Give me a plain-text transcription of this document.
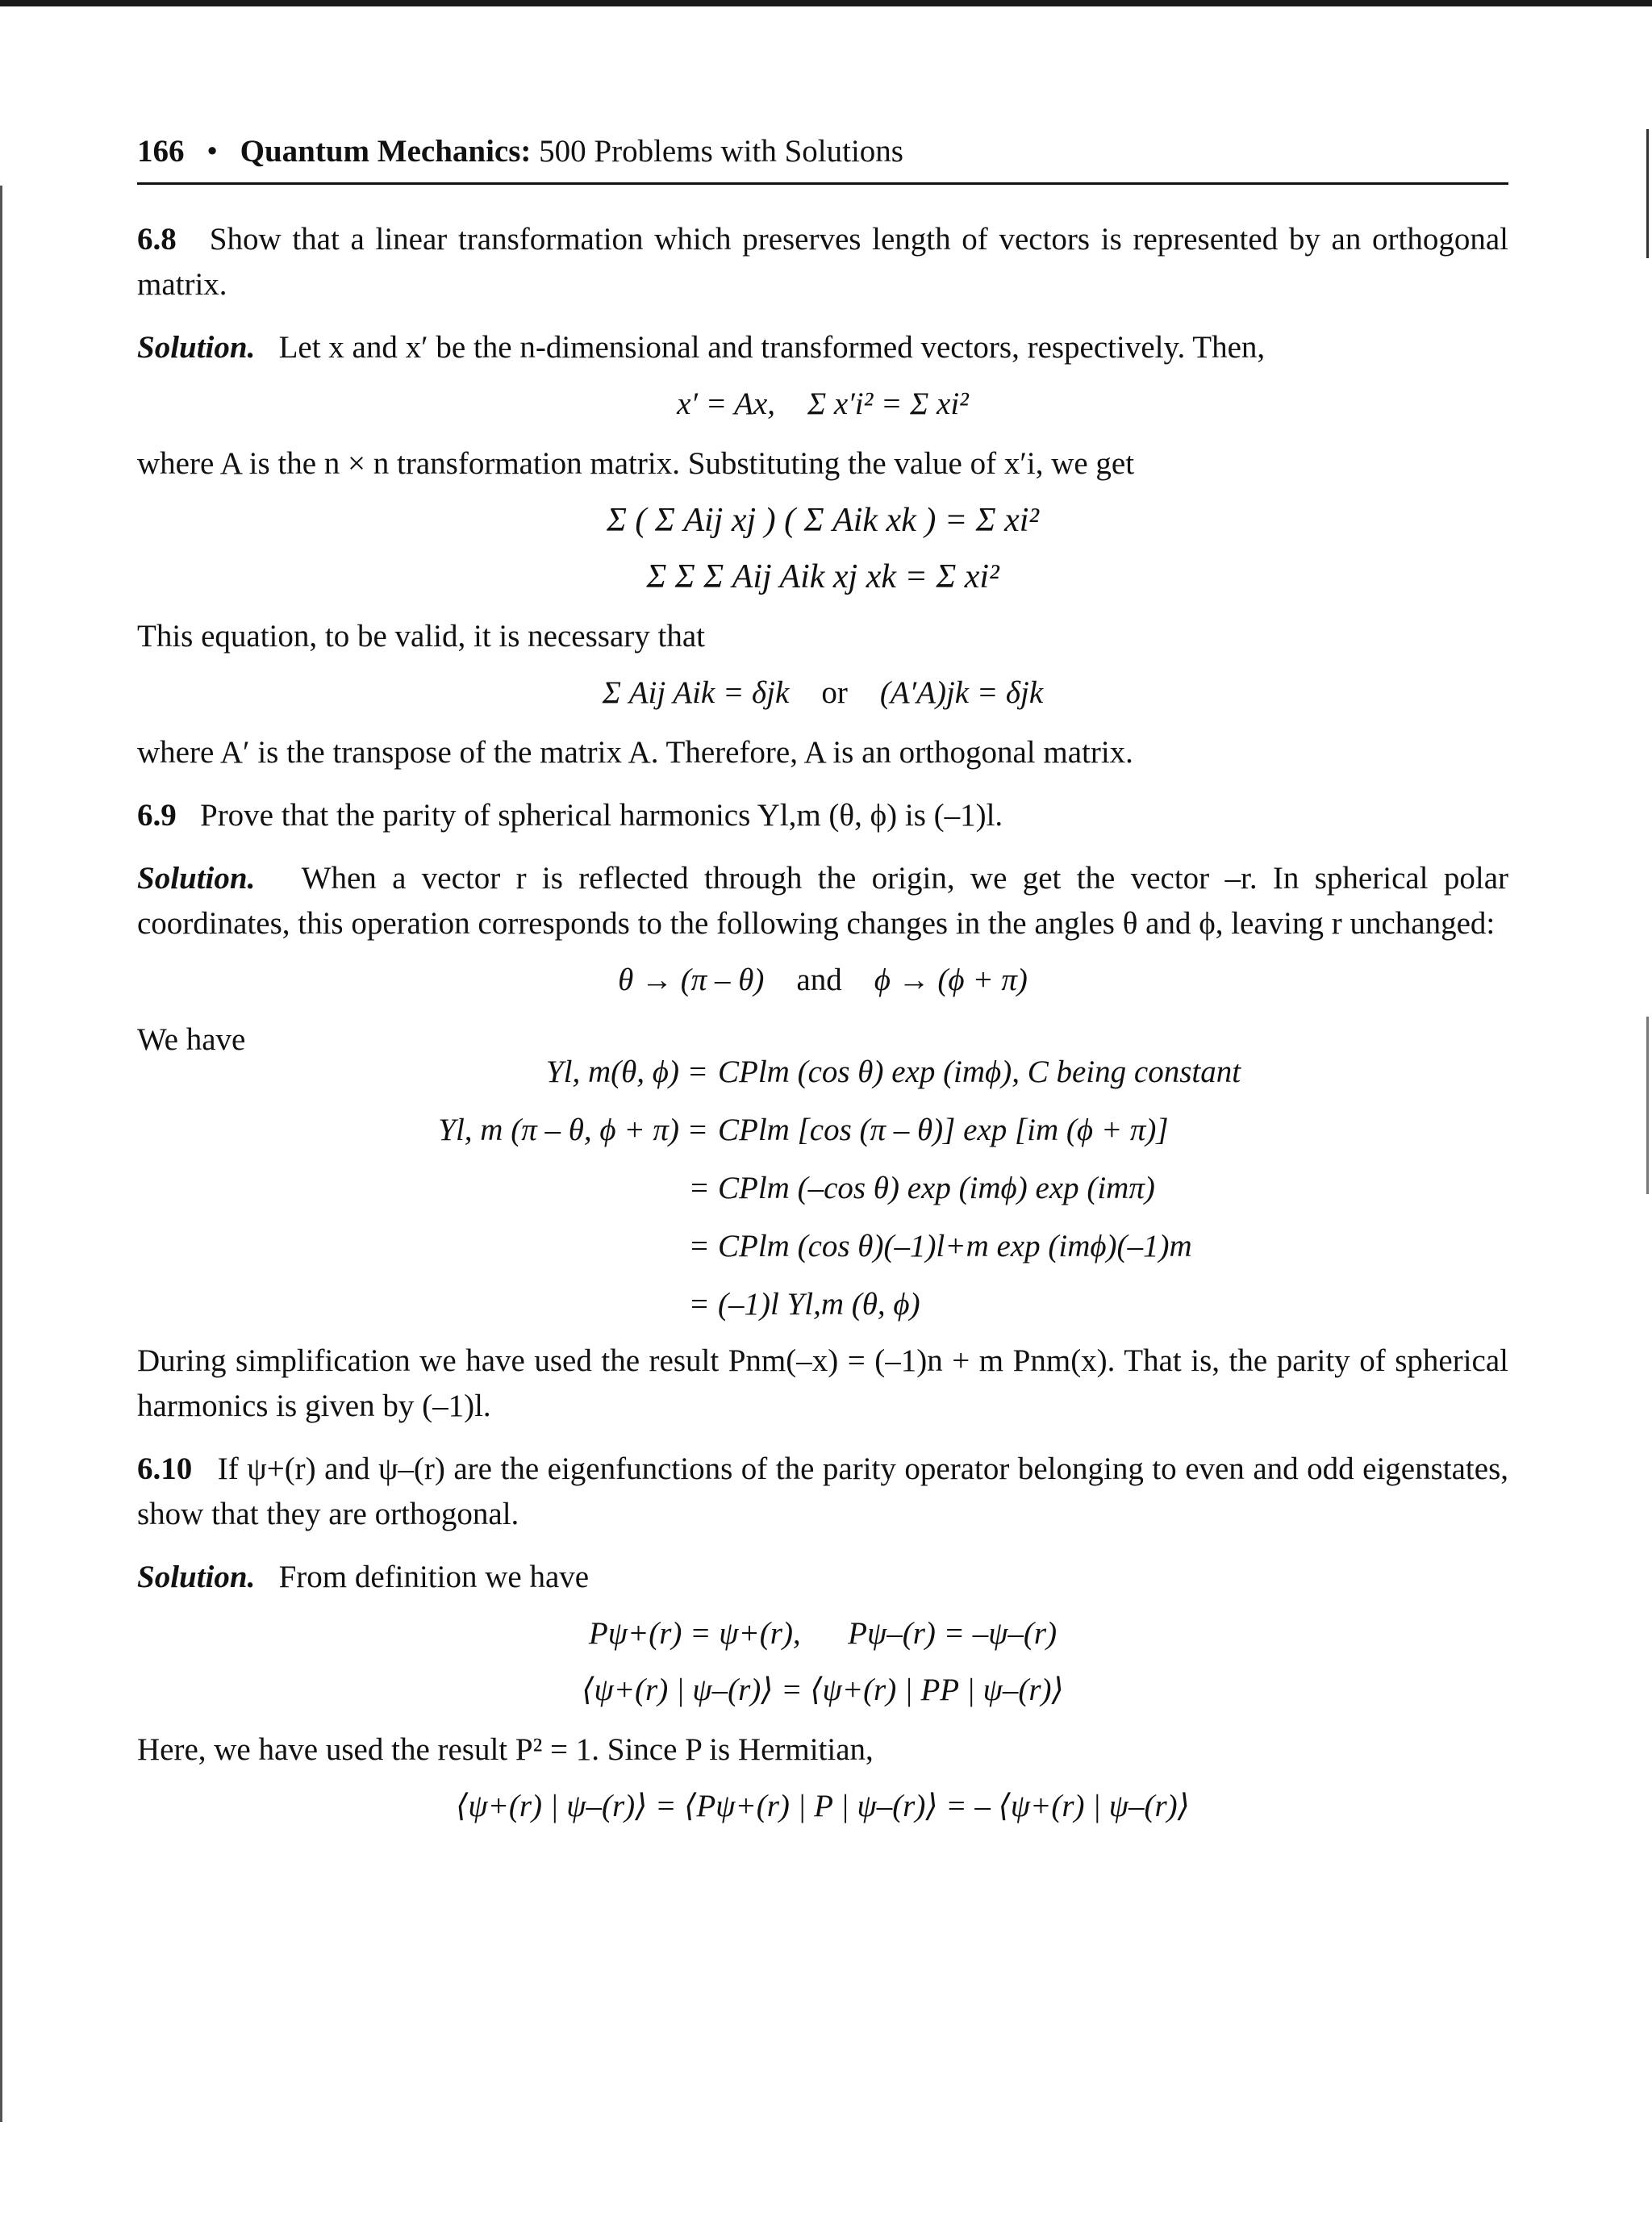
166 • Quantum Mechanics: 500 Problems with Solutions

6.8 Show that a linear transformation which preserves length of vectors is represented by an orthogonal matrix.

Solution. Let x and x′ be the n-dimensional and transformed vectors, respectively. Then,

x′ = Ax, Σ x′i² = Σ xi²

where A is the n × n transformation matrix. Substituting the value of x′i, we get

Σ ( Σ Aij xj ) ( Σ Aik xk ) = Σ xi²
Σ Σ Σ Aij Aik xj xk = Σ xi²

This equation, to be valid, it is necessary that

Σ Aij Aik = δjk or (A′A)jk = δjk

where A′ is the transpose of the matrix A. Therefore, A is an orthogonal matrix.

6.9 Prove that the parity of spherical harmonics Yl,m (θ, ϕ) is (–1)l.

Solution. When a vector r is reflected through the origin, we get the vector –r. In spherical polar coordinates, this operation corresponds to the following changes in the angles θ and ϕ, leaving r unchanged:

θ → (π – θ) and ϕ → (ϕ + π)
We have
Yl, m(θ, ϕ) = CPlm (cos θ) exp (imϕ), C being constant
Yl, m (π – θ, ϕ + π) = CPlm [cos (π – θ)] exp [im (ϕ + π)]
= CPlm (–cos θ) exp (imϕ) exp (imπ)
= CPlm (cos θ)(–1)l+m exp (imϕ)(–1)m
= (–1)l Yl,m (θ, ϕ)

During simplification we have used the result Pnm(–x) = (–1)n + m Pnm(x). That is, the parity of spherical harmonics is given by (–1)l.

6.10 If ψ+(r) and ψ–(r) are the eigenfunctions of the parity operator belonging to even and odd eigenstates, show that they are orthogonal.

Solution. From definition we have

Pψ+(r) = ψ+(r),      Pψ–(r) = –ψ–(r)
⟨ψ+(r) | ψ–(r)⟩ = ⟨ψ+(r) | PP | ψ–(r)⟩

Here, we have used the result P² = 1. Since P is Hermitian,

⟨ψ+(r) | ψ–(r)⟩ = ⟨Pψ+(r) | P | ψ–(r)⟩ = – ⟨ψ+(r) | ψ–(r)⟩
